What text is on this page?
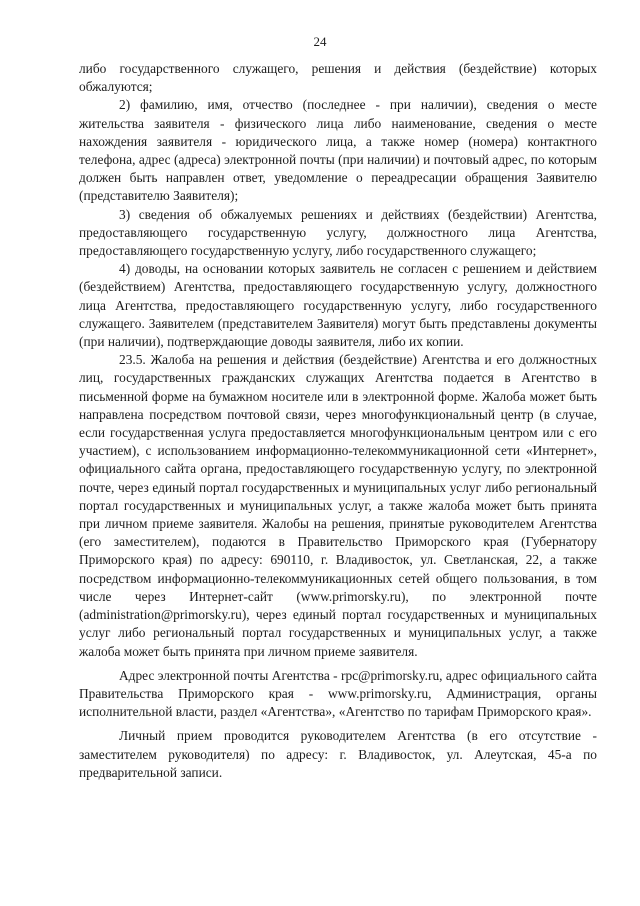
24

либо государственного служащего, решения и действия (бездействие) которых обжалуются;

2) фамилию, имя, отчество (последнее - при наличии), сведения о месте жительства заявителя - физического лица либо наименование, сведения о месте нахождения заявителя - юридического лица, а также номер (номера) контактного телефона, адрес (адреса) электронной почты (при наличии) и почтовый адрес, по которым должен быть направлен ответ, уведомление о переадресации обращения Заявителю (представителю Заявителя);

3) сведения об обжалуемых решениях и действиях (бездействии) Агентства, предоставляющего государственную услугу, должностного лица Агентства, предоставляющего государственную услугу, либо государственного служащего;

4) доводы, на основании которых заявитель не согласен с решением и действием (бездействием) Агентства, предоставляющего государственную услугу, должностного лица Агентства, предоставляющего государственную услугу, либо государственного служащего. Заявителем (представителем Заявителя) могут быть представлены документы (при наличии), подтверждающие доводы заявителя, либо их копии.

23.5. Жалоба на решения и действия (бездействие) Агентства и его должностных лиц, государственных гражданских служащих Агентства подается в Агентство в письменной форме на бумажном носителе или в электронной форме. Жалоба может быть направлена посредством почтовой связи, через многофункциональный центр (в случае, если государственная услуга предоставляется многофункциональным центром или с его участием), с использованием информационно-телекоммуникационной сети «Интернет», официального сайта органа, предоставляющего государственную услугу, по электронной почте, через единый портал государственных и муниципальных услуг либо региональный портал государственных и муниципальных услуг, а также жалоба может быть принята при личном приеме заявителя. Жалобы на решения, принятые руководителем Агентства (его заместителем), подаются в Правительство Приморского края (Губернатору Приморского края) по адресу: 690110, г. Владивосток, ул. Светланская, 22, а также посредством информационно-телекоммуникационных сетей общего пользования, в том числе через Интернет-сайт (www.primorsky.ru), по электронной почте (administration@primorsky.ru), через единый портал государственных и муниципальных услуг либо региональный портал государственных и муниципальных услуг, а также жалоба может быть принята при личном приеме заявителя.

Адрес электронной почты Агентства - rpc@primorsky.ru, адрес официального сайта Правительства Приморского края - www.primorsky.ru, Администрация, органы исполнительной власти, раздел «Агентства», «Агентство по тарифам Приморского края».

Личный прием проводится руководителем Агентства (в его отсутствие - заместителем руководителя) по адресу: г. Владивосток, ул. Алеутская, 45-а по предварительной записи.
